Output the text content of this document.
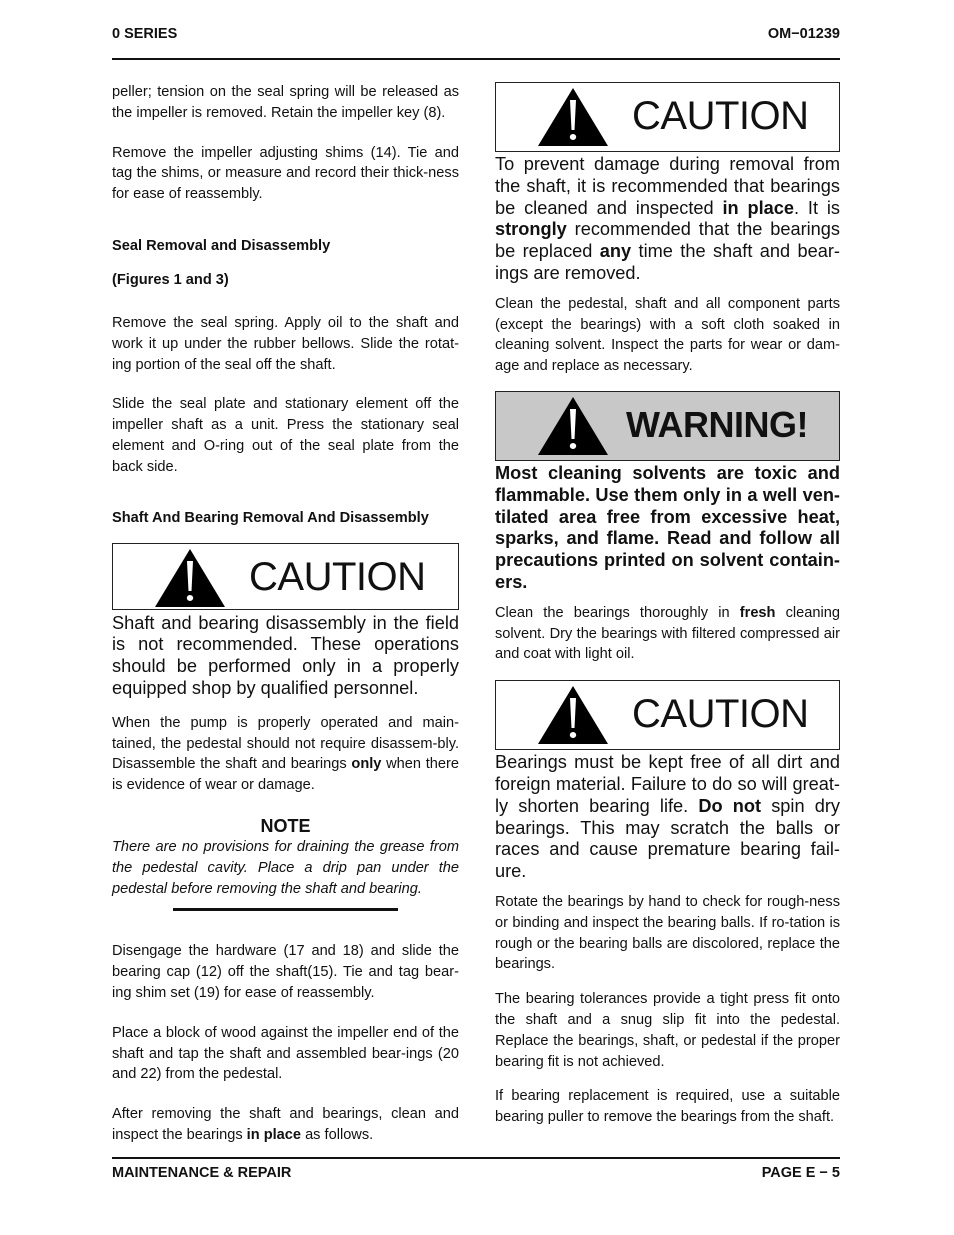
0 SERIES	OM−01239

peller; tension on the seal spring will be released as the impeller is removed. Retain the impeller key (8).

Remove the impeller adjusting shims (14). Tie and tag the shims, or measure and record their thick-ness for ease of reassembly.

Seal Removal and Disassembly

(Figures 1 and 3)

Remove the seal spring. Apply oil to the shaft and work it up under the rubber bellows. Slide the rotat-ing portion of the seal off the shaft.

Slide the seal plate and stationary element off the impeller shaft as a unit. Press the stationary seal element and O-ring out of the seal plate from the back side.

Shaft And Bearing Removal And Disassembly

CAUTION

Shaft and bearing disassembly in the field is not recommended. These operations should be performed only in a properly equipped shop by qualified personnel.

When the pump is properly operated and main-tained, the pedestal should not require disassem-bly. Disassemble the shaft and bearings only when there is evidence of wear or damage.

NOTE

There are no provisions for draining the grease from the pedestal cavity. Place a drip pan under the pedestal before removing the shaft and bearing.

Disengage the hardware (17 and 18) and slide the bearing cap (12) off the shaft(15). Tie and tag bear-ing shim set (19) for ease of reassembly.

Place a block of wood against the impeller end of the shaft and tap the shaft and assembled bear-ings (20 and 22) from the pedestal.

After removing the shaft and bearings, clean and inspect the bearings in place as follows.

CAUTION

To prevent damage during removal from the shaft, it is recommended that bearings be cleaned and inspected in place. It is strongly recommended that the bearings be replaced any time the shaft and bear-ings are removed.

Clean the pedestal, shaft and all component parts (except the bearings) with a soft cloth soaked in cleaning solvent. Inspect the parts for wear or dam-age and replace as necessary.

WARNING!

Most cleaning solvents are toxic and flammable. Use them only in a well ven-tilated area free from excessive heat, sparks, and flame. Read and follow all precautions printed on solvent contain-ers.

Clean the bearings thoroughly in fresh cleaning solvent. Dry the bearings with filtered compressed air and coat with light oil.

CAUTION

Bearings must be kept free of all dirt and foreign material. Failure to do so will great-ly shorten bearing life. Do not spin dry bearings. This may scratch the balls or races and cause premature bearing fail-ure.

Rotate the bearings by hand to check for rough-ness or binding and inspect the bearing balls. If ro-tation is rough or the bearing balls are discolored, replace the bearings.

The bearing tolerances provide a tight press fit onto the shaft and a snug slip fit into the pedestal. Replace the bearings, shaft, or pedestal if the proper bearing fit is not achieved.

If bearing replacement is required, use a suitable bearing puller to remove the bearings from the shaft.

MAINTENANCE & REPAIR	PAGE E − 5
